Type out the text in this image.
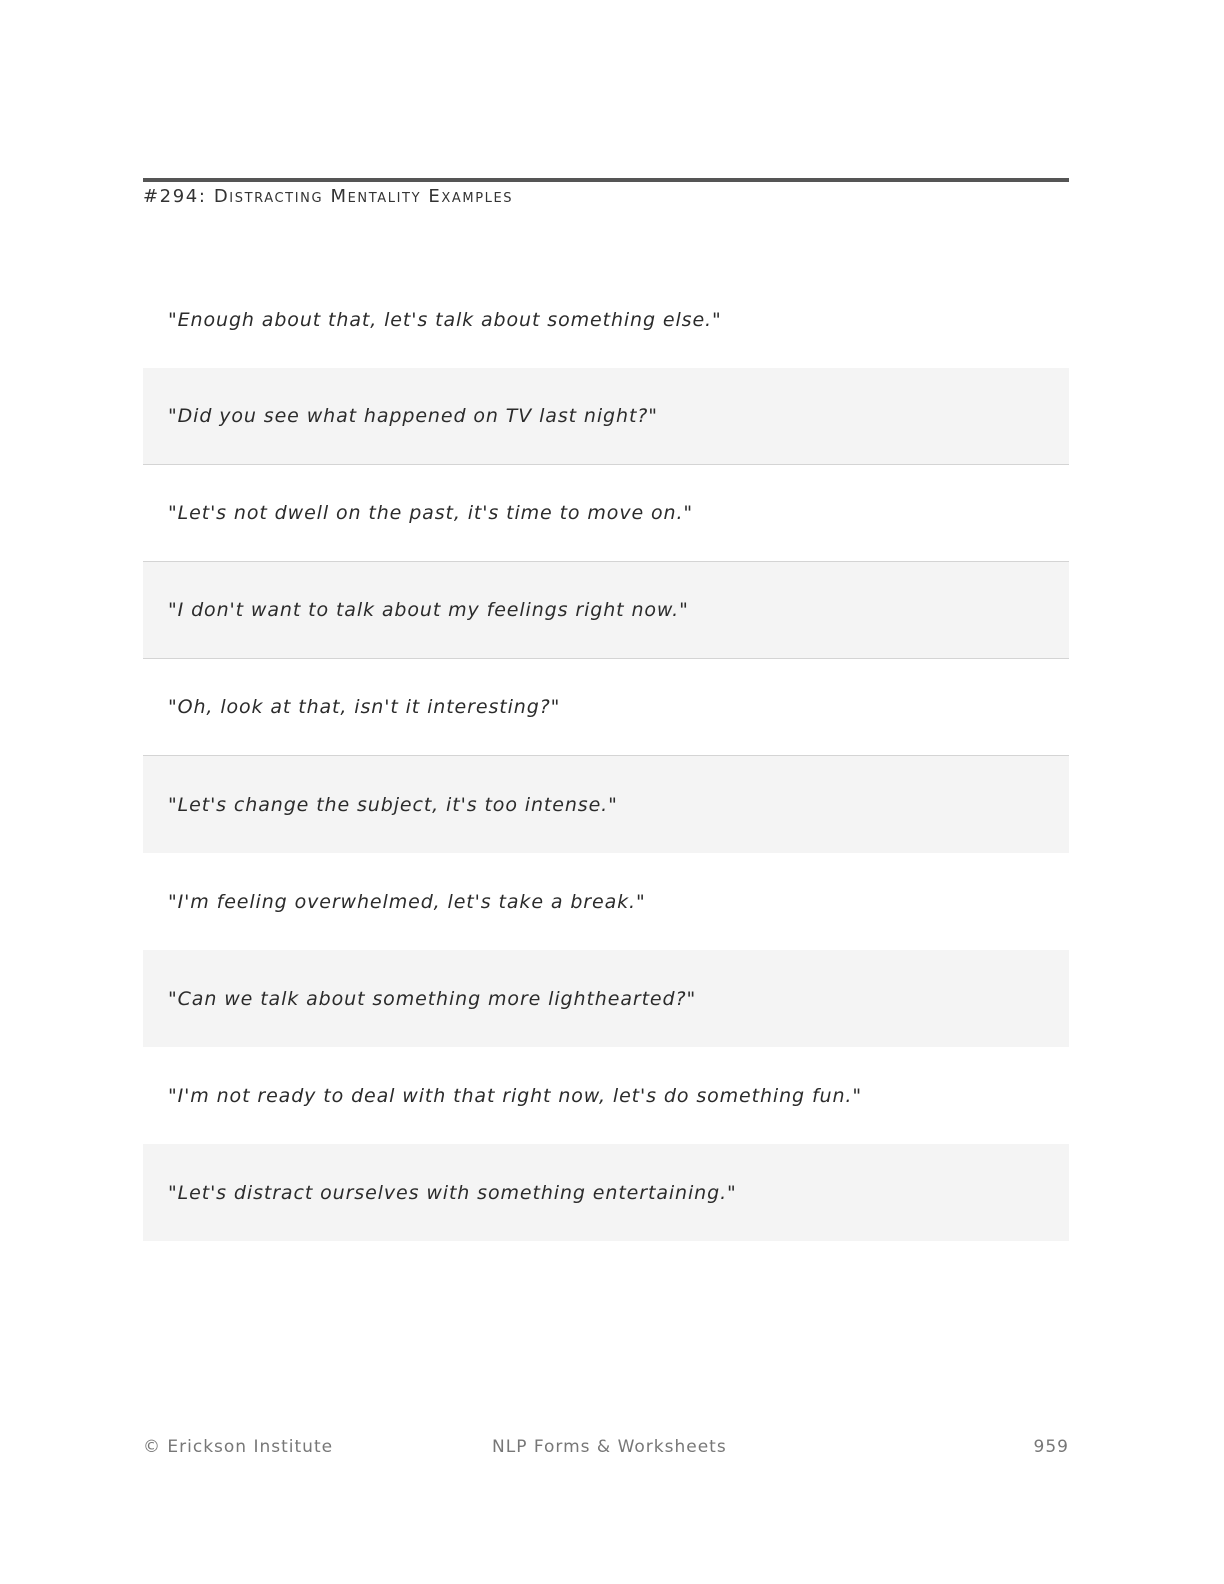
#294: Distracting Mentality Examples
"Enough about that, let's talk about something else."
"Did you see what happened on TV last night?"
"Let's not dwell on the past, it's time to move on."
"I don't want to talk about my feelings right now."
"Oh, look at that, isn't it interesting?"
"Let's change the subject, it's too intense."
"I'm feeling overwhelmed, let's take a break."
"Can we talk about something more lighthearted?"
"I'm not ready to deal with that right now, let's do something fun."
"Let's distract ourselves with something entertaining."
© Erickson Institute	NLP Forms & Worksheets	959
